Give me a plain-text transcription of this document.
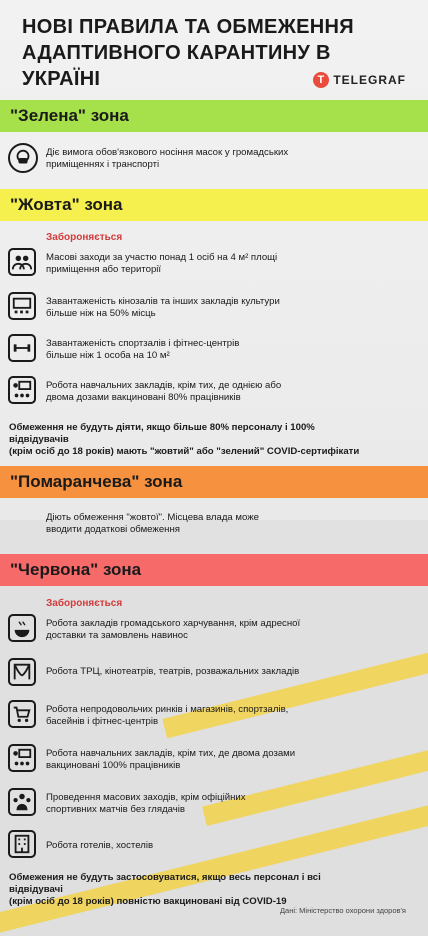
НОВІ ПРАВИЛА ТА ОБМЕЖЕННЯ
АДАПТИВНОГО КАРАНТИНУ В УКРАЇНІ	T TELEGRAF
"Зелена" зона
Діє вимога обов'язкового носіння масок у громадських
приміщеннях і транспорті
"Жовта" зона
Забороняється
Масові заходи за участю понад 1 осіб на 4 м² площі
приміщення або території
Завантаженість кінозалів та інших закладів культури
більше ніж на 50% місць
Завантаженість спортзалів і фітнес-центрів
більше ніж 1 особа на 10 м²
Робота навчальних закладів, крім тих, де однією або
двома дозами вакциновані 80% працівників
Обмеження не будуть діяти, якщо більше 80% персоналу і 100% відвідувачів
(крім осіб до 18 років) мають "жовтий" або "зелений" COVID-сертифікати
"Помаранчева" зона
Діють обмеження "жовтої". Місцева влада може
вводити додаткові обмеження
"Червона" зона
Забороняється
Робота закладів громадського харчування, крім адресної
доставки та замовлень навинос
Робота ТРЦ, кінотеатрів, театрів, розважальних закладів
Робота непродовольчих ринків і магазинів, спортзалів,
басейнів і фітнес-центрів
Робота навчальних закладів, крім тих, де двома дозами
вакциновані 100% працівників
Проведення масових заходів, крім офіційних
спортивних матчів без глядачів
Робота готелів, хостелів
Обмежения не будуть застосовуватися, якщо весь персонал і всі відвідувачі
(крім осіб до 18 років) повністю вакциновані від COVID-19
Дані: Міністерство охорони здоров'я
